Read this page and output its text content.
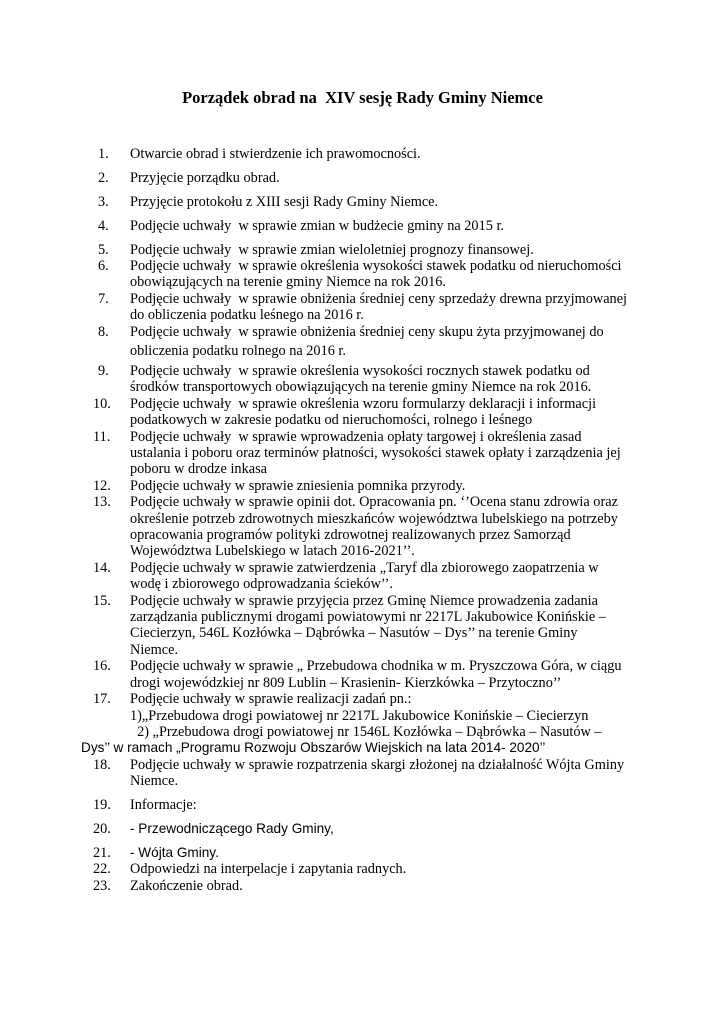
Porządek obrad na  XIV sesję Rady Gminy Niemce
1. Otwarcie obrad i stwierdzenie ich prawomocności.
2. Przyjęcie porządku obrad.
3. Przyjęcie protokołu z XIII sesji Rady Gminy Niemce.
4. Podjęcie uchwały  w sprawie zmian w budżecie gminy na 2015 r.
5. Podjęcie uchwały  w sprawie zmian wieloletniej prognozy finansowej.
6. Podjęcie uchwały  w sprawie określenia wysokości stawek podatku od nieruchomości
obowiązujących na terenie gminy Niemce na rok 2016.
7. Podjęcie uchwały  w sprawie obniżenia średniej ceny sprzedaży drewna przyjmowanej
do obliczenia podatku leśnego na 2016 r.
8. Podjęcie uchwały  w sprawie obniżenia średniej ceny skupu żyta przyjmowanej do
obliczenia podatku rolnego na 2016 r.
9. Podjęcie uchwały  w sprawie określenia wysokości rocznych stawek podatku od
środków transportowych obowiązujących na terenie gminy Niemce na rok 2016.
10. Podjęcie uchwały  w sprawie określenia wzoru formularzy deklaracji i informacji
podatkowych w zakresie podatku od nieruchomości, rolnego i leśnego
11. Podjęcie uchwały  w sprawie wprowadzenia opłaty targowej i określenia zasad
ustalania i poboru oraz terminów płatności, wysokości stawek opłaty i zarządzenia jej
poboru w drodze inkasa
12. Podjęcie uchwały w sprawie zniesienia pomnika przyrody.
13. Podjęcie uchwały w sprawie opinii dot. Opracowania pn. ‘’Ocena stanu zdrowia oraz
określenie potrzeb zdrowotnych mieszkańców województwa lubelskiego na potrzeby
opracowania programów polityki zdrowotnej realizowanych przez Samorząd
Województwa Lubelskiego w latach 2016-2021’’.
14. Podjęcie uchwały w sprawie zatwierdzenia „Taryf dla zbiorowego zaopatrzenia w
wodę i zbiorowego odprowadzania ścieków’’.
15. Podjęcie uchwały w sprawie przyjęcia przez Gminę Niemce prowadzenia zadania
zarządzania publicznymi drogami powiatowymi nr 2217L Jakubowice Konińskie –
Ciecierzyn, 546L Kozłówka – Dąbrówka – Nasutów – Dys’’ na terenie Gminy
Niemce.
16. Podjęcie uchwały w sprawie „ Przebudowa chodnika w m. Pryszczowa Góra, w ciągu
drogi wojewódzkiej nr 809 Lublin – Krasienin- Kierzkówka – Przytoczno’’
17. Podjęcie uchwały w sprawie realizacji zadań pn.:
1)„Przebudowa drogi powiatowej nr 2217L Jakubowice Konińskie – Ciecierzyn
2) „Przebudowa drogi powiatowej nr 1546L Kozłówka – Dąbrówka – Nasutów –
Dys’’ w ramach „Programu Rozwoju Obszarów Wiejskich na lata 2014- 2020’’
18. Podjęcie uchwały w sprawie rozpatrzenia skargi złożonej na działalność Wójta Gminy
Niemce.
19. Informacje:
20. - Przewodniczącego Rady Gminy,
21. - Wójta Gminy.
22. Odpowiedzi na interpelacje i zapytania radnych.
23. Zakończenie obrad.
